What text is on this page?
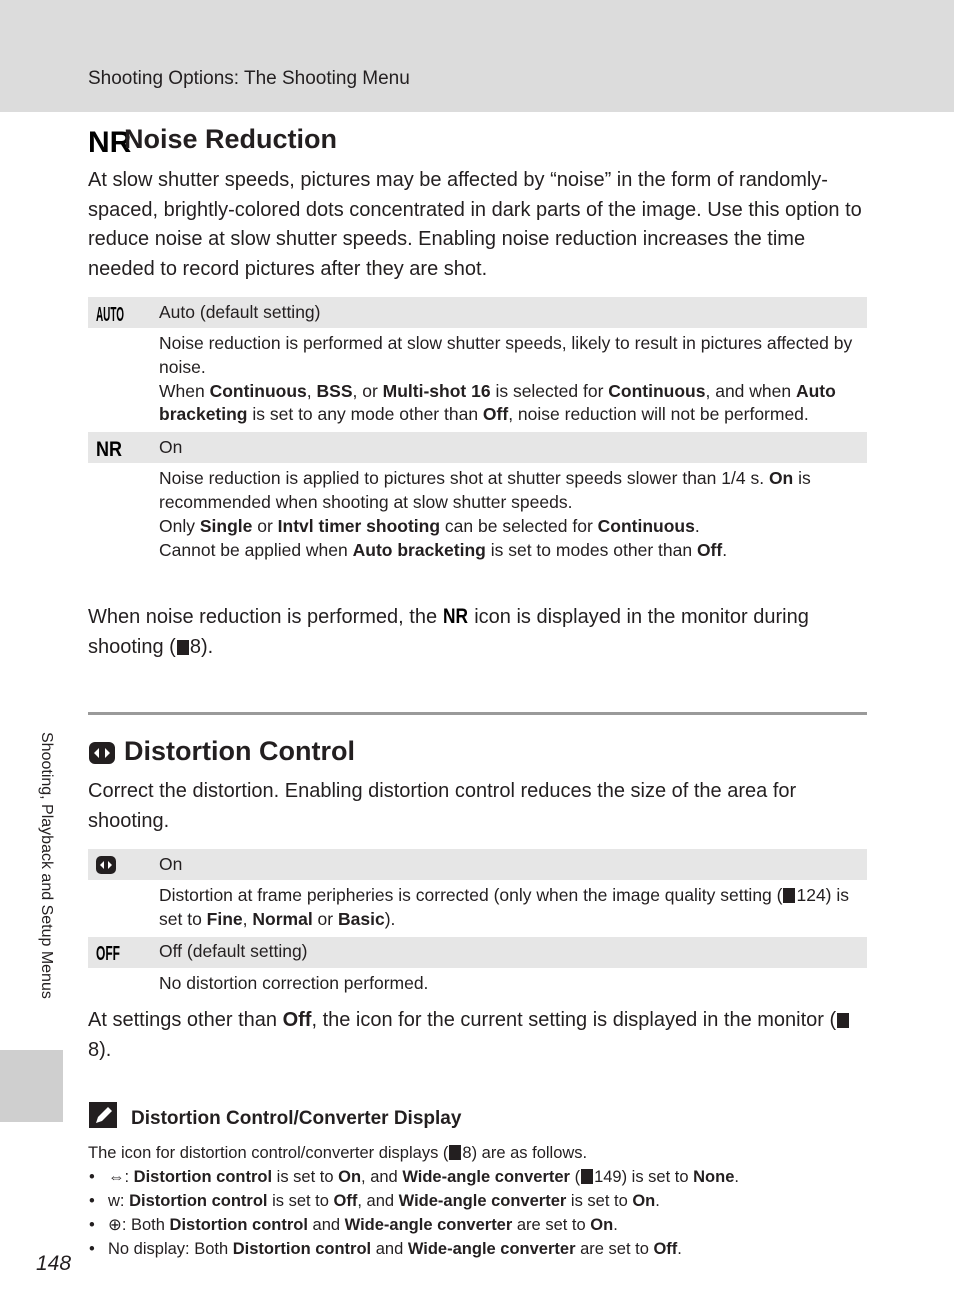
Shooting Options: The Shooting Menu
Shooting, Playback and Setup Menus
NR
Noise Reduction

At slow shutter speeds, pictures may be affected by “noise” in the form of randomly-spaced, brightly-colored dots concentrated in dark parts of the image. Use this option to reduce noise at slow shutter speeds. Enabling noise reduction increases the time needed to record pictures after they are shot.

AUTO Auto (default setting)
Noise reduction is performed at slow shutter speeds, likely to result in pictures affected by noise.
When Continuous, BSS, or Multi-shot 16 is selected for Continuous, and when Auto bracketing is set to any mode other than Off, noise reduction will not be performed.
NR On
Noise reduction is applied to pictures shot at shutter speeds slower than 1/4 s. On is recommended when shooting at slow shutter speeds.
Only Single or Intvl timer shooting can be selected for Continuous.
Cannot be applied when Auto bracketing is set to modes other than Off.

When noise reduction is performed, the NR icon is displayed in the monitor during shooting ( 8).

Distortion Control

Correct the distortion. Enabling distortion control reduces the size of the area for shooting.

On
Distortion at frame peripheries is corrected (only when the image quality setting ( 124) is set to Fine, Normal or Basic).
OFF Off (default setting)
No distortion correction performed.

At settings other than Off, the icon for the current setting is displayed in the monitor (8).

Distortion Control/Converter Display
The icon for distortion control/converter displays ( 8) are as follows.
• ⇔: Distortion control is set to On, and Wide-angle converter ( 149) is set to None.
• w: Distortion control is set to Off, and Wide-angle converter is set to On.
• ⊕: Both Distortion control and Wide-angle converter are set to On.
• No display: Both Distortion control and Wide-angle converter are set to Off.
148
